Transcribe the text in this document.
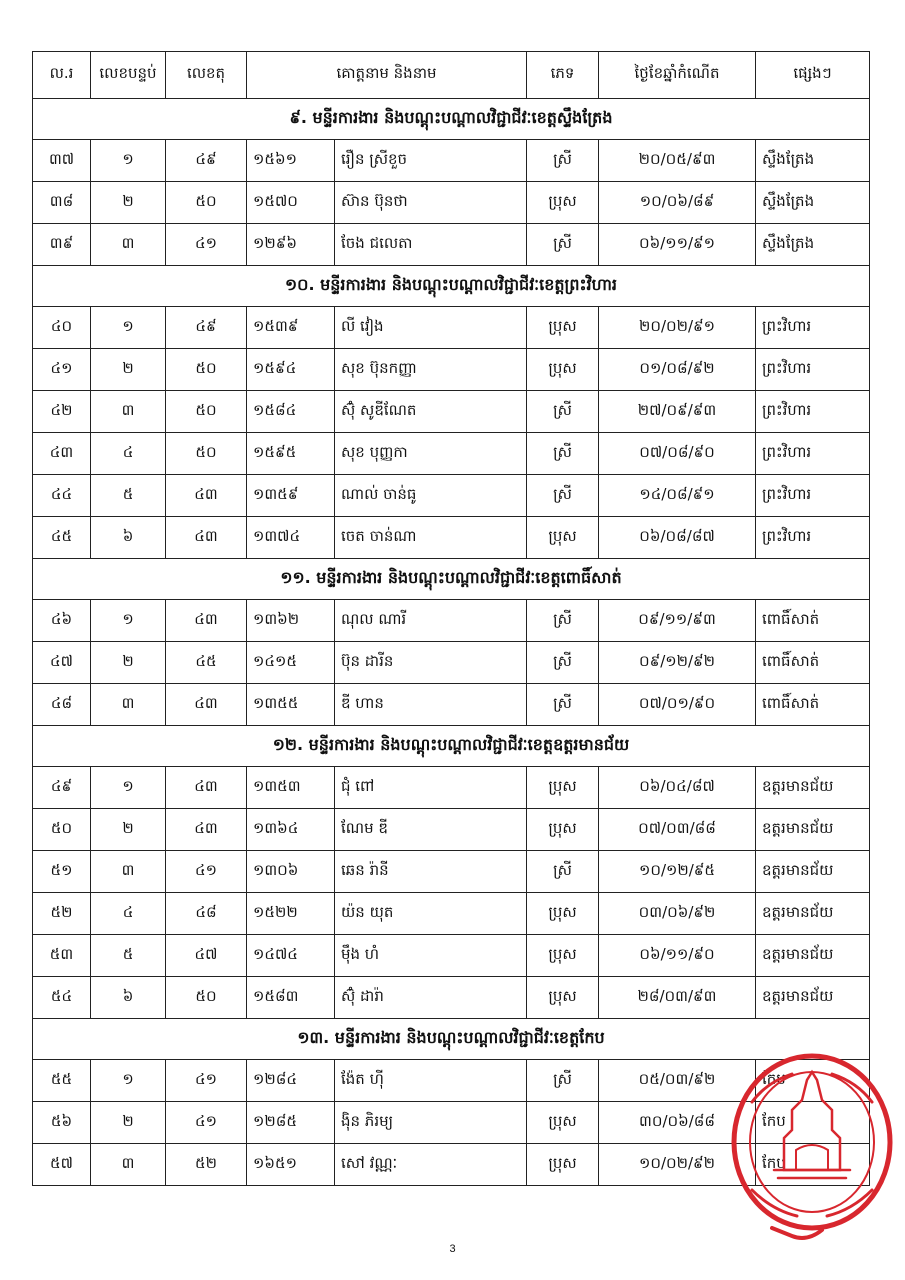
ល.រ	លេខបន្ទប់	លេខតុ	គោត្តនាម និងនាម		ភេទ	ថ្ងៃខែឆ្នាំកំណើត	ផ្សេងៗ
៩. មន្ទីរការងារ និងបណ្តុះបណ្តាលវិជ្ជាជីវៈខេត្តស្ទឹងត្រែង							
៣៧	១	៤៩	១៥៦១	រឿន ស្រីខួច	ស្រី	២០/០៥/៩៣	ស្ទឹងត្រែង
៣៨	២	៥០	១៥៧០	ស៊ាន ប៊ុនថា	ប្រុស	១០/០៦/៨៩	ស្ទឹងត្រែង
៣៩	៣	៤១	១២៩៦	ចែង ជលេតា	ស្រី	០៦/១១/៩១	ស្ទឹងត្រែង
១០. មន្ទីរការងារ និងបណ្តុះបណ្តាលវិជ្ជាជីវៈខេត្តព្រះវិហារ							
៤០	១	៤៩	១៥៣៩	លី វៀង	ប្រុស	២០/០២/៩១	ព្រះវិហារ
៤១	២	៥០	១៥៩៤	សុខ ប៊ុនកញ្ញា	ប្រុស	០១/០៨/៩២	ព្រះវិហារ
៤២	៣	៥០	១៥៨៤	ស៊ុំ សូឌីណែត	ស្រី	២៧/០៩/៩៣	ព្រះវិហារ
៤៣	៤	៥០	១៥៩៥	សុខ បុញ្ញកា	ស្រី	០៧/០៨/៩០	ព្រះវិហារ
៤៤	៥	៤៣	១៣៥៩	ណាល់ ចាន់ធូ	ស្រី	១៤/០៨/៩១	ព្រះវិហារ
៤៥	៦	៤៣	១៣៧៤	ចេត ចាន់ណា	ប្រុស	០៦/០៨/៨៧	ព្រះវិហារ
១១. មន្ទីរការងារ និងបណ្តុះបណ្តាលវិជ្ជាជីវៈខេត្តពោធិ៍សាត់							
៤៦	១	៤៣	១៣៦២	ណុល ណារី	ស្រី	០៩/១១/៩៣	ពោធិ៍សាត់
៤៧	២	៤៥	១៤១៥	ប៊ុន ដារីន	ស្រី	០៩/១២/៩២	ពោធិ៍សាត់
៤៨	៣	៤៣	១៣៥៥	ឌី ហាន	ស្រី	០៧/០១/៩០	ពោធិ៍សាត់
១២. មន្ទីរការងារ និងបណ្តុះបណ្តាលវិជ្ជាជីវៈខេត្តឧត្តរមានជ័យ							
៤៩	១	៤៣	១៣៥៣	ជុំ ពៅ	ប្រុស	០៦/០៤/៨៧	ឧត្តរមានជ័យ
៥០	២	៤៣	១៣៦៤	ណែម ឌី	ប្រុស	០៧/០៣/៨៨	ឧត្តរមានជ័យ
៥១	៣	៤១	១៣០៦	ឆេន រ៉ានី	ស្រី	១០/១២/៩៥	ឧត្តរមានជ័យ
៥២	៤	៤៨	១៥២២	យ៉ន យុត	ប្រុស	០៣/០៦/៩២	ឧត្តរមានជ័យ
៥៣	៥	៤៧	១៤៧៤	ម៉ឹង ហំ	ប្រុស	០៦/១១/៩០	ឧត្តរមានជ័យ
៥៤	៦	៥០	១៥៨៣	ស៊ុំ ដារ៉ា	ប្រុស	២៨/០៣/៩៣	ឧត្តរមានជ័យ
១៣. មន្ទីរការងារ និងបណ្តុះបណ្តាលវិជ្ជាជីវៈខេត្តកែប							
៥៥	១	៤១	១២៨៤	ង៉ែត ហ៊ី	ស្រី	០៥/០៣/៩២	កែប
៥៦	២	៤១	១២៨៥	ង៉ិន ភិរម្យ	ប្រុស	៣០/០៦/៨៨	កែប
៥៧	៣	៥២	១៦៥១	សៅ វណ្ណៈ	ប្រុស	១០/០២/៩២	កែប
3
